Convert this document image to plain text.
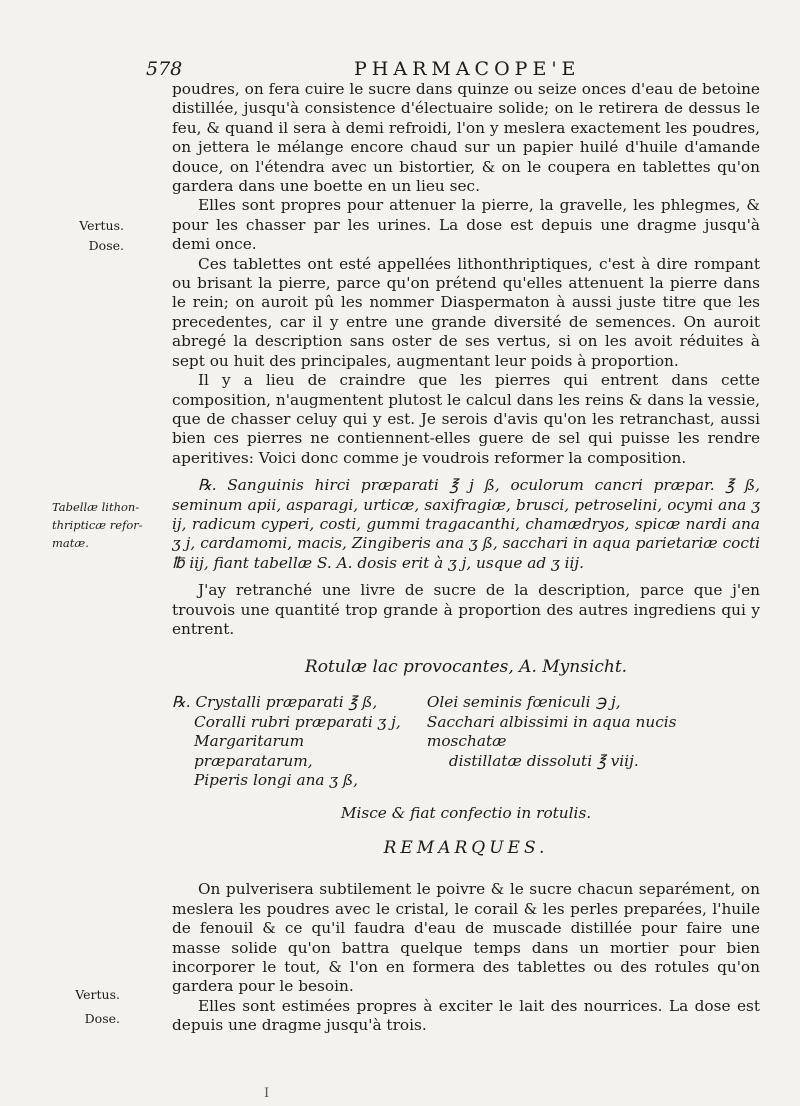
578	PHARMACOPE'E
Vertus.
Dose.
Tabellæ lithon-
thripticæ refor-
matæ.
Vertus.
Dose.

poudres, on fera cuire le sucre dans quinze ou seize onces d'eau de betoine distillée, jusqu'à consistence d'électuaire solide; on le retirera de dessus le feu, & quand il sera à demi refroidi, l'on y meslera exactement les poudres, on jettera le mélange encore chaud sur un papier huilé d'huile d'amande douce, on l'étendra avec un bistortier, & on le coupera en tablettes qu'on gardera dans une boette en un lieu sec.

Elles sont propres pour attenuer la pierre, la gravelle, les phlegmes, & pour les chasser par les urines. La dose est depuis une dragme jusqu'à demi once.

Ces tablettes ont esté appellées lithonthriptiques, c'est à dire rompant ou brisant la pierre, parce qu'on prétend qu'elles attenuent la pierre dans le rein; on auroit pû les nommer Diaspermaton à aussi juste titre que les precedentes, car il y entre une grande diversité de semences. On auroit abregé la description sans oster de ses vertus, si on les avoit réduites à sept ou huit des principales, augmentant leur poids à proportion.

Il y a lieu de craindre que les pierres qui entrent dans cette composition, n'augmentent plutost le calcul dans les reins & dans la vessie, que de chasser celuy qui y est. Je serois d'avis qu'on les retranchast, aussi bien ces pierres ne contiennent-elles guere de sel qui puisse les rendre aperitives: Voici donc comme je voudrois reformer la composition.

℞. Sanguinis hirci præparati ℥ j ß, oculorum cancri præpar. ℥ ß, seminum apii, asparagi, urticæ, saxifragiæ, brusci, petroselini, ocymi ana ʒ ij, radicum cyperi, costi, gummi tragacanthi, chamædryos, spicæ nardi ana ʒ j, cardamomi, macis, Zingiberis ana ʒ ß, sacchari in aqua parietariæ cocti ℔ iij, fiant tabellæ S. A. dosis erit à ʒ j, usque ad ʒ iij.

J'ay retranché une livre de sucre de la description, parce que j'en trouvois une quantité trop grande à proportion des autres ingrediens qui y entrent.

Rotulæ lac provocantes, A. Mynsicht.
℞. Crystalli præparati ℥ ß,
Coralli rubri præparati ʒ j,
Margaritarum præparatarum,
Piperis longi ana ʒ ß,
Olei seminis fœniculi ℈ j,
Sacchari albissimi in aqua nucis moschatæ
distillatæ dissoluti ℥ viij.
Misce & fiat confectio in rotulis.
REMARQUES.

On pulverisera subtilement le poivre & le sucre chacun separément, on meslera les poudres avec le cristal, le corail & les perles preparées, l'huile de fenouil & ce qu'il faudra d'eau de muscade distillée pour faire une masse solide qu'on battra quelque temps dans un mortier pour bien incorporer le tout, & l'on en formera des tablettes ou des rotules qu'on gardera pour le besoin.

Elles sont estimées propres à exciter le lait des nourrices. La dose est depuis une dragme jusqu'à trois.

I
